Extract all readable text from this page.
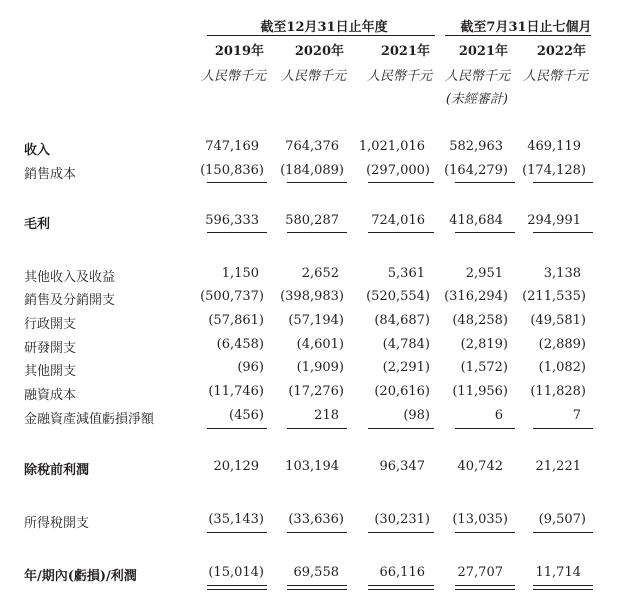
截至12月31日止年度	截至7月31日止七個月
2019年	2020年	2021年	2021年	2022年
人民幣千元	人民幣千元	人民幣千元 人民幣千元 人民幣千元
(未經審計)
收入	747,169	764,376	1,021,016	582,963	469,119
銷售成本	(150,836)	(184,089)	(297,000)	(164,279)	(174,128)
毛利	596,333	580,287	724,016	418,684	294,991
其他收入及收益	1,150	2,652	5,361	2,951	3,138
銷售及分銷開支	(500,737)	(398,983)	(520,554)	(316,294)	(211,535)
行政開支	(57,861)	(57,194)	(84,687)	(48,258)	(49,581)
研發開支	(6,458)	(4,601)	(4,784)	(2,819)	(2,889)
其他開支	(96)	(1,909)	(2,291)	(1,572)	(1,082)
融資成本	(11,746)	(17,276)	(20,616)	(11,956)	(11,828)
金融資產減值虧損淨額	(456)	218	(98)	6	7
除稅前利潤	20,129	103,194	96,347	40,742	21,221
所得稅開支	(35,143)	(33,636)	(30,231)	(13,035)	(9,507)
年/期內(虧損)/利潤	(15,014)	69,558	66,116	27,707	11,714
